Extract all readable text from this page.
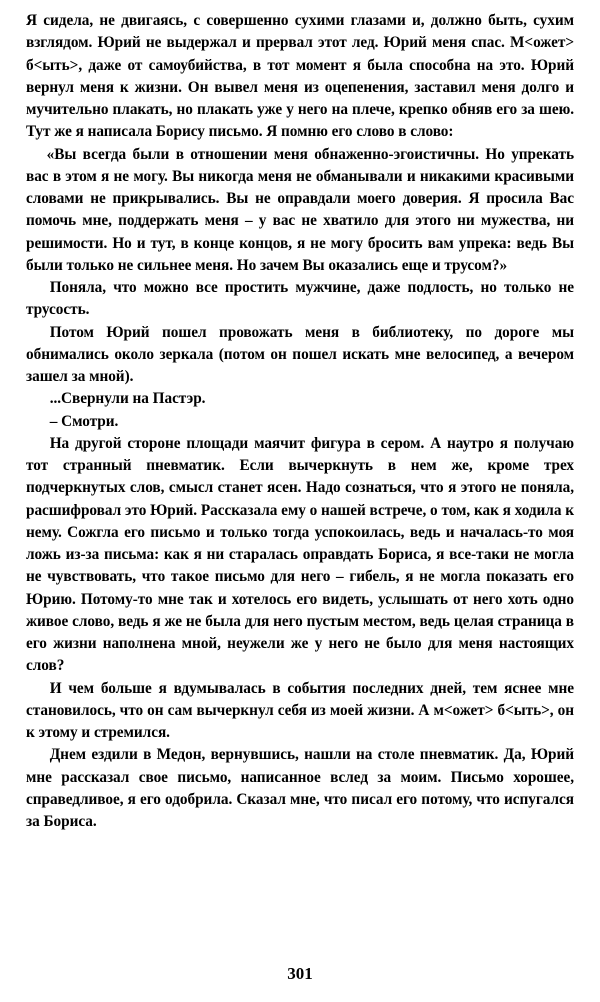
Я сидела, не двигаясь, с совершенно сухими глазами и, должно быть, сухим взглядом. Юрий не выдержал и прервал этот лед. Юрий меня спас. М<ожет> б<ыть>, даже от самоубийства, в тот момент я была способна на это. Юрий вернул меня к жизни. Он вывел меня из оцепенения, заставил меня долго и мучительно плакать, но плакать уже у него на плече, крепко обняв его за шею. Тут же я написала Борису письмо. Я помню его слово в слово:

«Вы всегда были в отношении меня обнаженно-эгоистичны. Но упрекать вас в этом я не могу. Вы никогда меня не обманывали и никакими красивыми словами не прикрывались. Вы не оправдали моего доверия. Я просила Вас помочь мне, поддержать меня – у вас не хватило для этого ни мужества, ни решимости. Но и тут, в конце концов, я не могу бросить вам упрека: ведь Вы были только не сильнее меня. Но зачем Вы оказались еще и трусом?»

Поняла, что можно все простить мужчине, даже подлость, но только не трусость.

Потом Юрий пошел провожать меня в библиотеку, по дороге мы обнимались около зеркала (потом он пошел искать мне велосипед, а вечером зашел за мной).

...Свернули на Пастэр.

– Смотри.

На другой стороне площади маячит фигура в сером. А наутро я получаю тот странный пневматик. Если вычеркнуть в нем же, кроме трех подчеркнутых слов, смысл станет ясен. Надо сознаться, что я этого не поняла, расшифровал это Юрий. Рассказала ему о нашей встрече, о том, как я ходила к нему. Сожгла его письмо и только тогда успокоилась, ведь и началась-то моя ложь из-за письма: как я ни старалась оправдать Бориса, я все-таки не могла не чувствовать, что такое письмо для него – гибель, я не могла показать его Юрию. Потому-то мне так и хотелось его видеть, услышать от него хоть одно живое слово, ведь я же не была для него пустым местом, ведь целая страница в его жизни наполнена мной, неужели же у него не было для меня настоящих слов?

И чем больше я вдумывалась в события последних дней, тем яснее мне становилось, что он сам вычеркнул себя из моей жизни. А м<ожет> б<ыть>, он к этому и стремился.

Днем ездили в Медон, вернувшись, нашли на столе пневматик. Да, Юрий мне рассказал свое письмо, написанное вслед за моим. Письмо хорошее, справедливое, я его одобрила. Сказал мне, что писал его потому, что испугался за Бориса.

301
